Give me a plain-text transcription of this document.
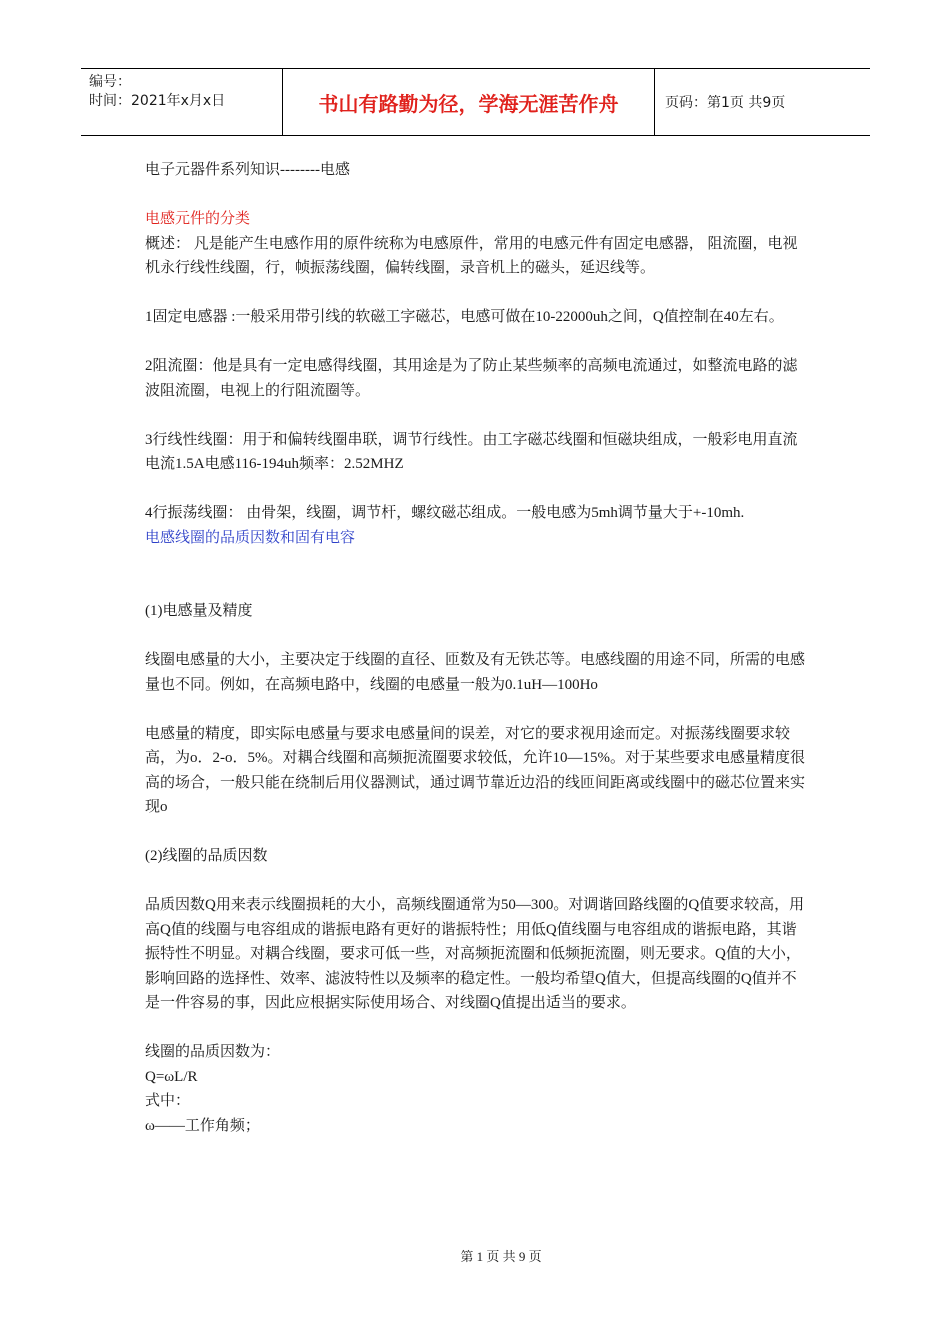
编号：
时间：2021年x月x日	书山有路勤为径，学海无涯苦作舟	页码：第1页 共9页

电子元器件系列知识--------电感

电感元件的分类

概述： 凡是能产生电感作用的原件统称为电感原件，常用的电感元件有固定电感器， 阻流圈，电视机永行线性线圈，行，帧振荡线圈，偏转线圈，录音机上的磁头，延迟线等。

1固定电感器 :一般采用带引线的软磁工字磁芯，电感可做在10-22000uh之间，Q值控制在40左右。

2阻流圈：他是具有一定电感得线圈，其用途是为了防止某些频率的高频电流通过，如整流电路的滤波阻流圈，电视上的行阻流圈等。

3行线性线圈：用于和偏转线圈串联，调节行线性。由工字磁芯线圈和恒磁块组成，一般彩电用直流电流1.5A电感116-194uh频率：2.52MHZ

4行振荡线圈： 由骨架，线圈，调节杆，螺纹磁芯组成。一般电感为5mh调节量大于+-10mh.

电感线圈的品质因数和固有电容

(1)电感量及精度

线圈电感量的大小，主要决定于线圈的直径、匝数及有无铁芯等。电感线圈的用途不同，所需的电感量也不同。例如，在高频电路中，线圈的电感量一般为0.1uH—100Ho

电感量的精度，即实际电感量与要求电感量间的误差，对它的要求视用途而定。对振荡线圈要求较高，为o．2-o．5%。对耦合线圈和高频扼流圈要求较低，允许10—15%。对于某些要求电感量精度很高的场合，一般只能在绕制后用仪器测试，通过调节靠近边沿的线匝间距离或线圈中的磁芯位置来实现o

(2)线圈的品质因数

品质因数Q用来表示线圈损耗的大小，高频线圈通常为50—300。对调谐回路线圈的Q值要求较高，用高Q值的线圈与电容组成的谐振电路有更好的谐振特性；用低Q值线圈与电容组成的谐振电路，其谐振特性不明显。对耦合线圈，要求可低一些，对高频扼流圈和低频扼流圈，则无要求。Q值的大小，影响回路的选择性、效率、滤波特性以及频率的稳定性。一般均希望Q值大，但提高线圈的Q值并不是一件容易的事，因此应根据实际使用场合、对线圈Q值提出适当的要求。

线圈的品质因数为：

Q=ωL/R

式中：

ω——工作角频；

第 1 页 共 9 页
